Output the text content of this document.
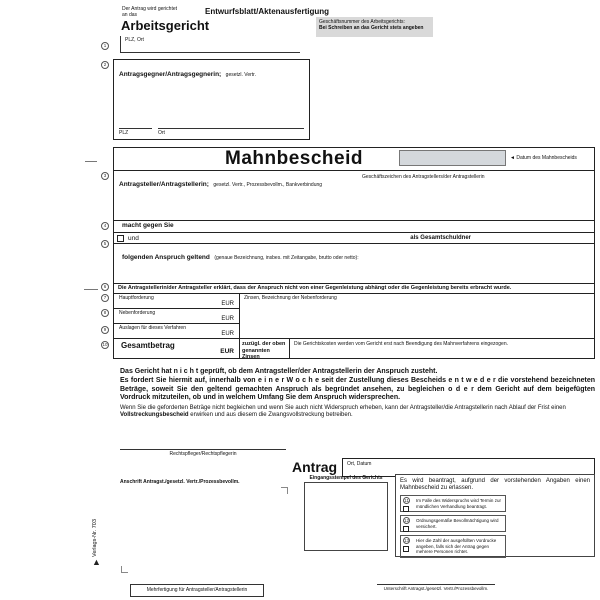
Der Antrag wird gerichtet
an das
Arbeitsgericht
PLZ, Ort
1
Entwurfsblatt/Aktenausfertigung
Geschäftsnummer des Arbeitsgerichts:
Bei Schreiben an das Gericht stets angeben
2
Antragsgegner/Antragsgegnerin; gesetzl. Vertr.
PLZ	Ort
3
4
5
6
7
8
9
10
Mahnbescheid	◄ Datum des Mahnbescheids
Antragsteller/Antragstellerin; gesetzl. Vertr., Prozessbevollm., Bankverbindung
Geschäftszeichen des Antragstellers/der Antragstellerin
macht gegen Sie
und	als Gesamtschuldner
folgenden Anspruch geltend (genaue Bezeichnung, insbes. mit Zeitangabe, brutto oder netto):
Die Antragstellerin/der Antragsteller erklärt, dass der Anspruch nicht von einer Gegenleistung abhängt oder die Gegenleistung bereits erbracht wurde.
Hauptforderung
EUR
Nebenforderung
EUR
Auslagen für dieses Verfahren
EUR
Zinsen, Bezeichnung der Nebenforderung
Gesamtbetrag
EUR
zuzügl. der oben genannten Zinsen
Die Gerichtskosten werden vom Gericht erst nach Beendigung des Mahnverfahrens eingezogen.
Das Gericht hat n i c h t geprüft, ob dem Antragsteller/der Antragstellerin der Anspruch zusteht.
Es fordert Sie hiermit auf, innerhalb von e i n e r W o c h e seit der Zustellung dieses Bescheids e n t w e d e r die vorstehend bezeichneten Beträge, soweit Sie den geltend gemachten Anspruch als begründet ansehen, zu begleichen o d e r dem Gericht auf dem beigefügten Vordruck mitzuteilen, ob und in welchem Umfang Sie dem Anspruch widersprechen.
Wenn Sie die geforderten Beträge nicht begleichen und wenn Sie auch nicht Widerspruch erheben, kann der Antragsteller/die Antragstellerin nach Ablauf der Frist einen Vollstreckungsbescheid erwirken und aus diesem die Zwangsvollstreckung betreiben.
Rechtspfleger/Rechtspflegerin
Antrag	Ort, Datum
Anschrift Antragst./gesetzl. Vertr./Prozessbevollm.
Eingangsstempel des Gerichts	Es wird beantragt, aufgrund der vorstehenden Angaben einen Mahnbescheid zu erlassen.
11 Im Falle des Widerspruchs wird Termin zur mündlichen Verhandlung beantragt.
12 Ordnungsgemäße Bevollmächtigung wird versichert.
13 Hier die Zahl der ausgefüllten Vordrucke angeben, falls sich der Antrag gegen mehrere Personen richtet.
Mehrfertigung für Antragsteller/Antragstellerin	Unterschrift Antragst./gesetzl. Vertr./Prozessbevollm.
Verlags-Nr. 703
▲
